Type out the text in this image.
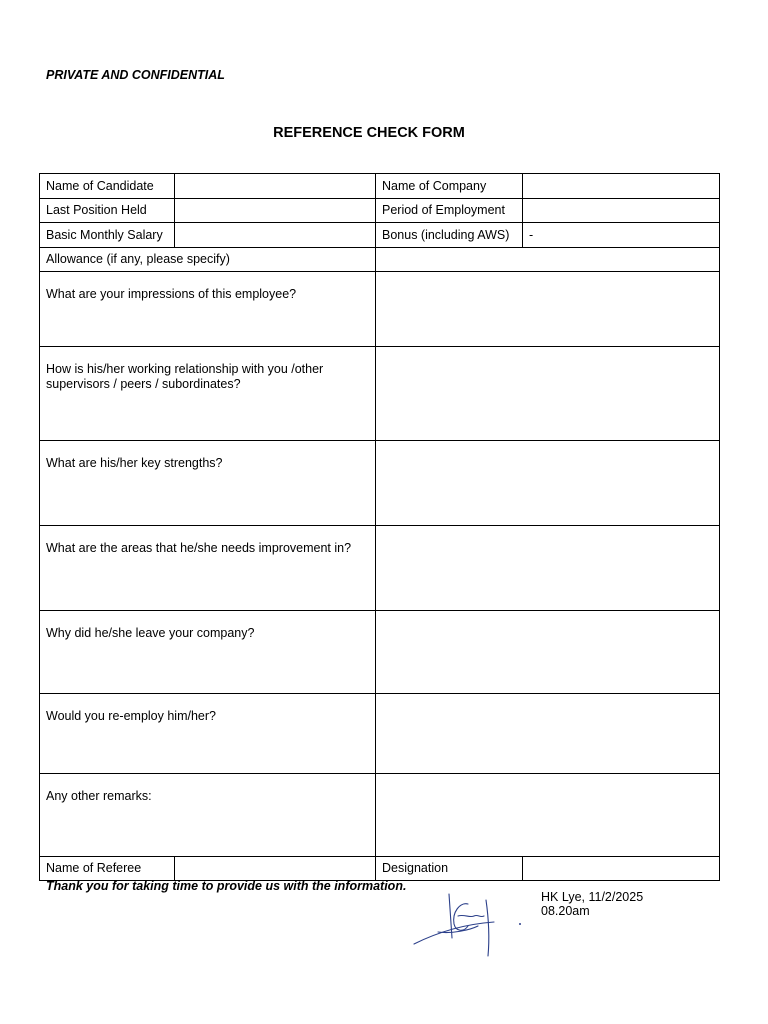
PRIVATE AND CONFIDENTIAL
REFERENCE CHECK FORM
Name of Candidate		Name of Company	
Last Position Held		Period of Employment	
Basic Monthly Salary		Bonus (including AWS)	-
Allowance (if any, please specify)			
What are your impressions of this employee?			
How is his/her working relationship with you /other supervisors / peers / subordinates?			
What are his/her key strengths?			
What are the areas that he/she needs improvement in?			
Why did he/she leave your company?			
Would you re-employ him/her?			
Any other remarks:			
Name of Referee		Designation	
Thank you for taking time to provide us with the information.
HK Lye, 11/2/2025
08.20am
